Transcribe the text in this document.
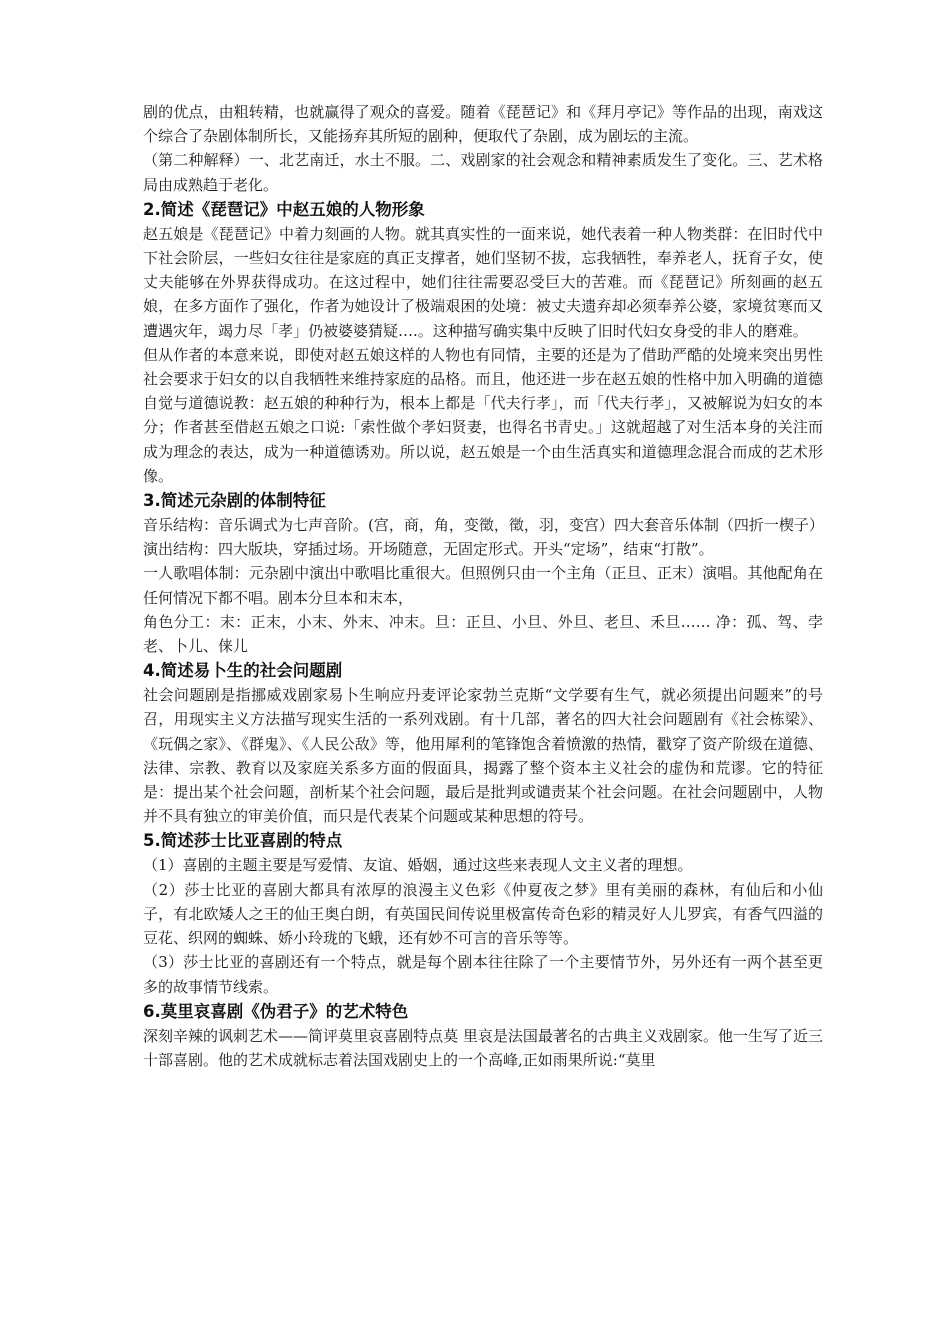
剧的优点，由粗转精，也就赢得了观众的喜爱。随着《琵琶记》和《拜月亭记》等作品的出现，南戏这个综合了杂剧体制所长，又能扬弃其所短的剧种，便取代了杂剧，成为剧坛的主流。

（第二种解释）一、北艺南迁，水土不服。二、戏剧家的社会观念和精神素质发生了变化。三、艺术格局由成熟趋于老化。

2.简述《琵琶记》中赵五娘的人物形象

赵五娘是《琵琶记》中着力刻画的人物。就其真实性的一面来说，她代表着一种人物类群：在旧时代中下社会阶层，一些妇女往往是家庭的真正支撑者，她们坚韧不拔，忘我牺牲，奉养老人，抚育子女，使丈夫能够在外界获得成功。在这过程中，她们往往需要忍受巨大的苦难。而《琵琶记》所刻画的赵五娘，在多方面作了强化，作者为她设计了极端艰困的处境：被丈夫遗弃却必须奉养公婆，家境贫寒而又遭遇灾年，竭力尽「孝」仍被婆婆猜疑….。这种描写确实集中反映了旧时代妇女身受的非人的磨难。

但从作者的本意来说，即使对赵五娘这样的人物也有同情，主要的还是为了借助严酷的处境来突出男性社会要求于妇女的以自我牺牲来维持家庭的品格。而且，他还进一步在赵五娘的性格中加入明确的道德自觉与道德说教：赵五娘的种种行为，根本上都是「代夫行孝」，而「代夫行孝」，又被解说为妇女的本分；作者甚至借赵五娘之口说:「索性做个孝妇贤妻，也得名书青史。」这就超越了对生活本身的关注而成为理念的表达，成为一种道德诱劝。所以说，赵五娘是一个由生活真实和道德理念混合而成的艺术形像。

3.简述元杂剧的体制特征

音乐结构：音乐调式为七声音阶。(宫，商，角，变徵，徵，羽，变宫）四大套音乐体制（四折一楔子）

演出结构：四大版块，穿插过场。开场随意，无固定形式。开头“定场”，结束“打散”。

一人歌唱体制：元杂剧中演出中歌唱比重很大。但照例只由一个主角（正旦、正末）演唱。其他配角在任何情况下都不唱。剧本分旦本和末本，

角色分工：末：正末，小末、外末、冲末。旦：正旦、小旦、外旦、老旦、禾旦…… 净：孤、驾、孛老、卜儿、俫儿

4.简述易卜生的社会问题剧

社会问题剧是指挪威戏剧家易卜生响应丹麦评论家勃兰克斯“文学要有生气，就必须提出问题来”的号召，用现实主义方法描写现实生活的一系列戏剧。有十几部，著名的四大社会问题剧有《社会栋梁》、《玩偶之家》、《群鬼》、《人民公敌》等，他用犀利的笔锋饱含着愤激的热情，戳穿了资产阶级在道德、法律、宗教、教育以及家庭关系多方面的假面具，揭露了整个资本主义社会的虚伪和荒谬。它的特征是：提出某个社会问题，剖析某个社会问题，最后是批判或谴责某个社会问题。在社会问题剧中，人物并不具有独立的审美价值，而只是代表某个问题或某种思想的符号。

5.简述莎士比亚喜剧的特点

（1）喜剧的主题主要是写爱情、友谊、婚姻，通过这些来表现人文主义者的理想。

（2）莎士比亚的喜剧大都具有浓厚的浪漫主义色彩《仲夏夜之梦》里有美丽的森林，有仙后和小仙子，有北欧矮人之王的仙王奥白朗，有英国民间传说里极富传奇色彩的精灵好人儿罗宾，有香气四溢的豆花、织网的蜘蛛、娇小玲珑的飞蛾，还有妙不可言的音乐等等。

（3）莎士比亚的喜剧还有一个特点，就是每个剧本往往除了一个主要情节外，另外还有一两个甚至更多的故事情节线索。

6.莫里哀喜剧《伪君子》的艺术特色

深刻辛辣的讽刺艺术——简评莫里哀喜剧特点莫 里哀是法国最著名的古典主义戏剧家。他一生写了近三十部喜剧。他的艺术成就标志着法国戏剧史上的一个高峰,正如雨果所说:“莫里
